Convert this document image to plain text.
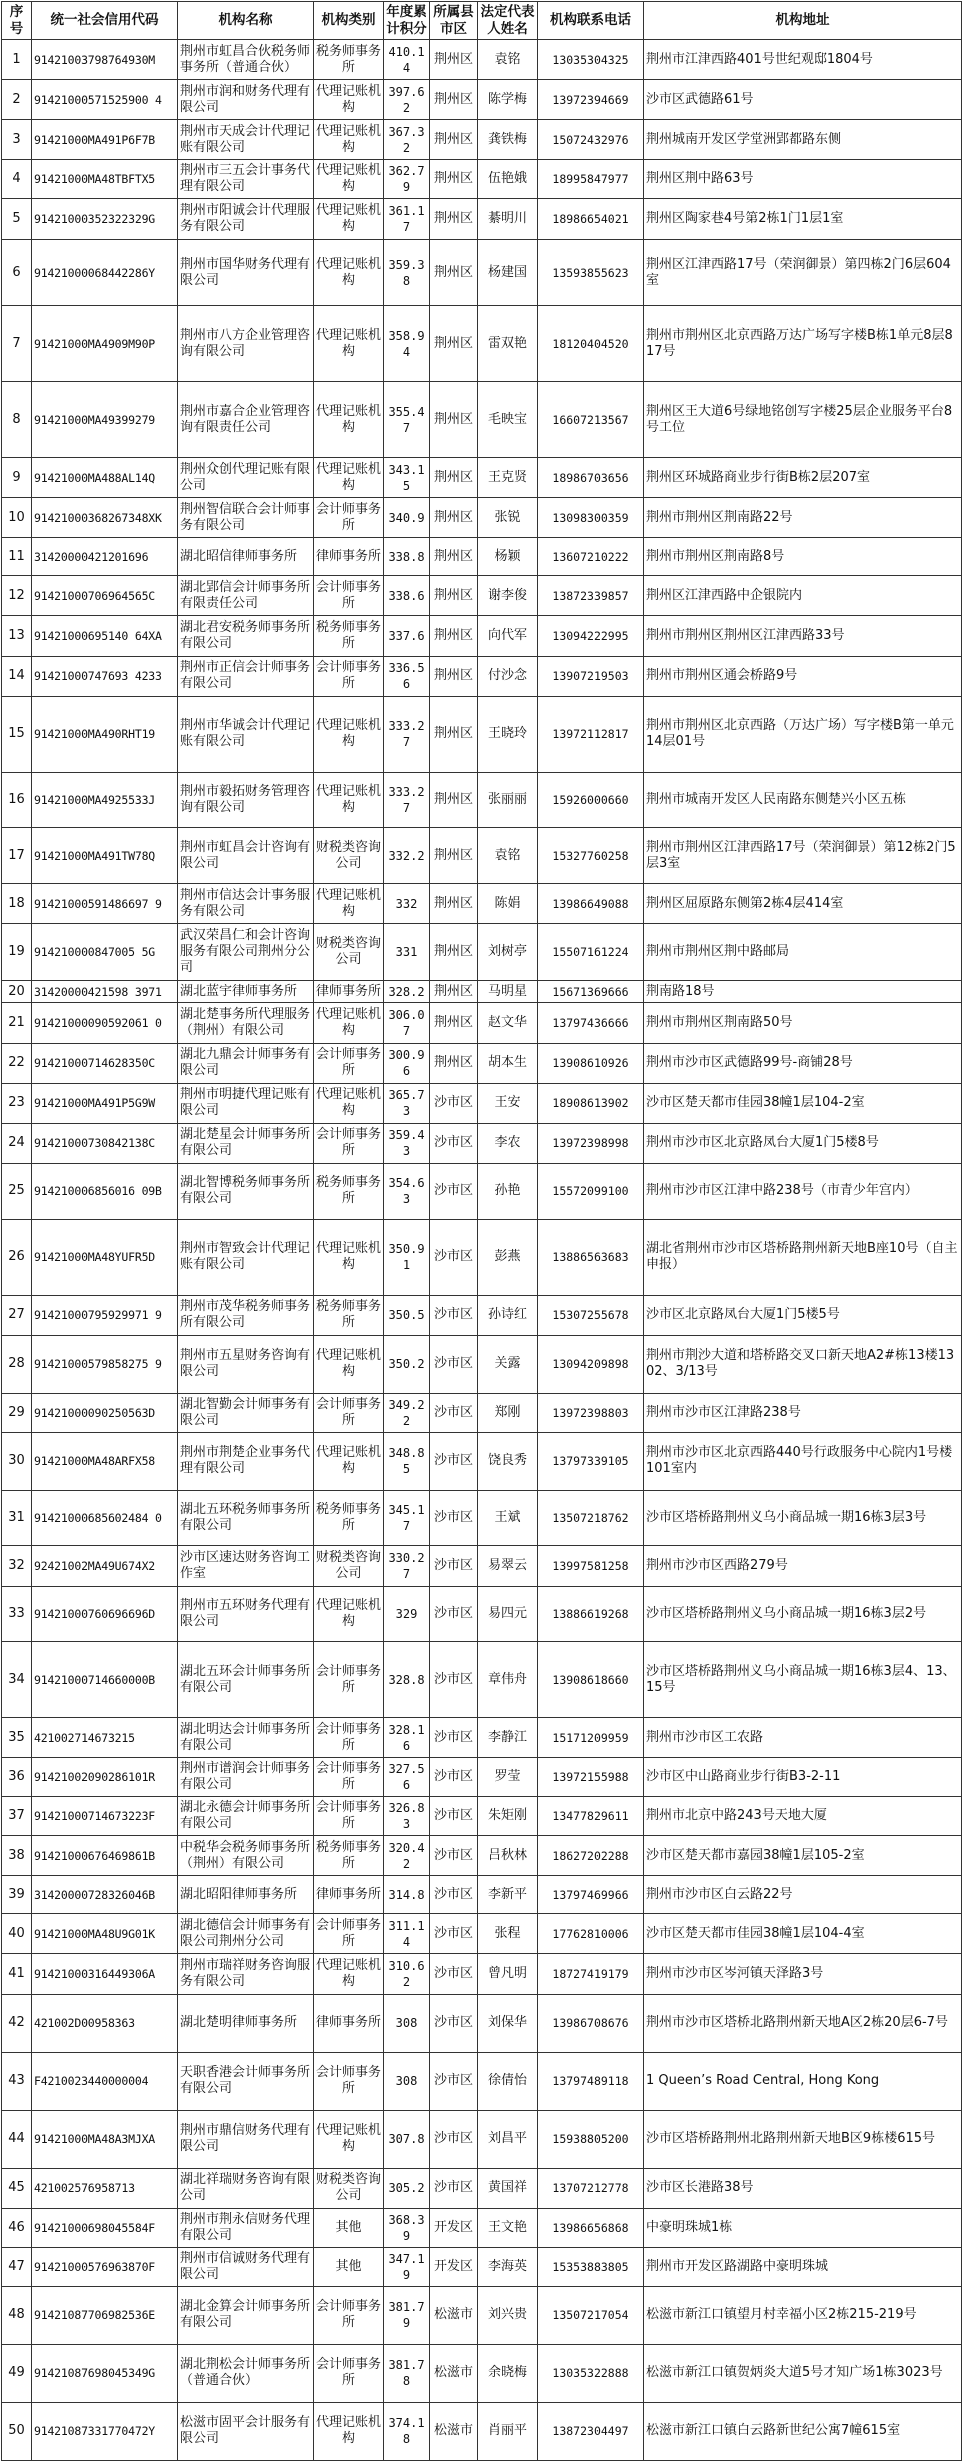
序号	统一社会信用代码	机构名称	机构类别	年度累计积分	所属县市区	法定代表人姓名	机构联系电话	机构地址
1	91421003798764930M	荆州市虹昌合伙税务师事务所（普通合伙）	税务师事务所	410.14	荆州区	袁铭	13035304325	荆州市江津西路401号世纪观邸1804号
2	91421000571525900 4	荆州市润和财务代理有限公司	代理记账机构	397.62	荆州区	陈学梅	13972394669	沙市区武德路61号
3	91421000MA491P6F7B	荆州市天成会计代理记账有限公司	代理记账机构	367.32	荆州区	龚铁梅	15072432976	荆州城南开发区学堂洲郢都路东侧
4	91421000MA48TBFTX5	荆州市三五会计事务代理有限公司	代理记账机构	362.79	荆州区	伍艳娥	18995847977	荆州区荆中路63号
5	91421000352322329G	荆州市阳诚会计代理服务有限公司	代理记账机构	361.17	荆州区	綦明川	18986654021	荆州区陶家巷4号第2栋1门1层1室
6	91421000068442286Y	荆州市国华财务代理有限公司	代理记账机构	359.38	荆州区	杨建国	13593855623	荆州区江津西路17号（荣润御景）第四栋2门6层604室
7	91421000MA4909M90P	荆州市八方企业管理咨询有限公司	代理记账机构	358.94	荆州区	雷双艳	18120404520	荆州市荆州区北京西路万达广场写字楼B栋1单元8层817号
8	91421000MA49399279	荆州市嘉合企业管理咨询有限责任公司	代理记账机构	355.47	荆州区	毛映宝	16607213567	荆州区王大道6号绿地铭创写字楼25层企业服务平台8号工位
9	91421000MA488AL14Q	荆州众创代理记账有限公司	代理记账机构	343.15	荆州区	王克贤	18986703656	荆州区环城路商业步行街B栋2层207室
10	91421000368267348XK	荆州智信联合会计师事务有限公司	会计师事务所	340.9	荆州区	张锐	13098300359	荆州市荆州区荆南路22号
11	31420000421201696	湖北昭信律师事务所	律师事务所	338.8	荆州区	杨颖	13607210222	荆州市荆州区荆南路8号
12	91421000706964565C	湖北郢信会计师事务所有限责任公司	会计师事务所	338.6	荆州区	谢李俊	13872339857	荆州区江津西路中企银院内
13	91421000695140 64XA	湖北君安税务师事务所有限公司	税务师事务所	337.6	荆州区	向代军	13094222995	荆州市荆州区荆州区江津西路33号
14	91421000747693 4233	荆州市正信会计师事务有限公司	会计师事务所	336.56	荆州区	付沙念	13907219503	荆州市荆州区通会桥路9号
15	91421000MA490RHT19	荆州市华诚会计代理记账有限公司	代理记账机构	333.27	荆州区	王晓玲	13972112817	荆州市荆州区北京西路（万达广场）写字楼B第一单元14层01号
16	91421000MA4925533J	荆州市毅拓财务管理咨询有限公司	代理记账机构	333.27	荆州区	张丽丽	15926000660	荆州市城南开发区人民南路东侧楚兴小区五栋
17	91421000MA491TW78Q	荆州市虹昌会计咨询有限公司	财税类咨询公司	332.2	荆州区	袁铭	15327760258	荆州市荆州区江津西路17号（荣润御景）第12栋2门5层3室
18	91421000591486697 9	荆州市信达会计事务服务有限公司	代理记账机构	332	荆州区	陈娟	13986649088	荆州区屈原路东侧第2栋4层414室
19	914210000847005 5G	武汉荣昌仁和会计咨询服务有限公司荆州分公司	财税类咨询公司	331	荆州区	刘树亭	15507161224	荆州市荆州区荆中路邮局
20	31420000421598 3971	湖北蓝宇律师事务所	律师事务所	328.2	荆州区	马明星	15671369666	荆南路18号
21	91421000090592061 0	湖北楚事务所代理服务（荆州）有限公司	代理记账机构	306.07	荆州区	赵文华	13797436666	荆州市荆州区荆南路50号
22	91421000714628350C	湖北九鼎会计师事务有限公司	会计师事务所	300.96	荆州区	胡本生	13908610926	荆州市沙市区武德路99号-商铺28号
23	91421000MA491P5G9W	荆州市明捷代理记账有限公司	代理记账机构	365.73	沙市区	王安	18908613902	沙市区楚天都市佳园38幢1层104-2室
24	91421000730842138C	湖北楚星会计师事务所有限公司	会计师事务所	359.43	沙市区	李农	13972398998	荆州市沙市区北京路凤台大厦1门5楼8号
25	914210006856016 09B	湖北智博税务师事务所有限公司	税务师事务所	354.63	沙市区	孙艳	15572099100	荆州市沙市区江津中路238号（市青少年宫内）
26	91421000MA48YUFR5D	荆州市智致会计代理记账有限公司	代理记账机构	350.91	沙市区	彭燕	13886563683	湖北省荆州市沙市区塔桥路荆州新天地B座10号（自主申报）
27	91421000795929971 9	荆州市茂华税务师事务所有限公司	税务师事务所	350.5	沙市区	孙诗红	15307255678	沙市区北京路凤台大厦1门5楼5号
28	91421000579858275 9	荆州市五星财务咨询有限公司	代理记账机构	350.2	沙市区	关露	13094209898	荆州市荆沙大道和塔桥路交叉口新天地A2#栋13楼1302、3/13号
29	91421000090250563D	湖北智勤会计师事务有限公司	会计师事务所	349.22	沙市区	郑刚	13972398803	荆州市沙市区江津路238号
30	91421000MA48ARFX58	荆州市荆楚企业事务代理有限公司	代理记账机构	348.85	沙市区	饶良秀	13797339105	荆州市沙市区北京西路440号行政服务中心院内1号楼101室内
31	91421000685602484 0	湖北五环税务师事务所有限公司	税务师事务所	345.17	沙市区	王斌	13507218762	沙市区塔桥路荆州义乌小商品城一期16栋3层3号
32	92421002MA49U674X2	沙市区速达财务咨询工作室	财税类咨询公司	330.27	沙市区	易翠云	13997581258	荆州市沙市区西路279号
33	91421000760696696D	荆州市五环财务代理有限公司	代理记账机构	329	沙市区	易四元	13886619268	沙市区塔桥路荆州义乌小商品城一期16栋3层2号
34	91421000714660000B	湖北五环会计师事务所有限公司	会计师事务所	328.8	沙市区	章伟舟	13908618660	沙市区塔桥路荆州义乌小商品城一期16栋3层4、13、15号
35	421002714673215	湖北明达会计师事务所有限公司	会计师事务所	328.16	沙市区	李静江	15171209959	荆州市沙市区工农路
36	91421002090286101R	荆州市谱润会计师事务有限公司	会计师事务所	327.56	沙市区	罗莹	13972155988	沙市区中山路商业步行街B3-2-11
37	91421000714673223F	湖北永德会计师事务所有限公司	会计师事务所	326.83	沙市区	朱矩刚	13477829611	荆州市北京中路243号天地大厦
38	91421000676469861B	中税华会税务师事务所（荆州）有限公司	税务师事务所	320.42	沙市区	吕秋林	18627202288	沙市区楚天都市嘉园38幢1层105-2室
39	31420000728326046B	湖北昭阳律师事务所	律师事务所	314.8	沙市区	李新平	13797469966	荆州市沙市区白云路22号
40	91421000MA48U9G01K	湖北德信会计师事务有限公司荆州分公司	会计师事务所	311.14	沙市区	张程	17762810006	沙市区楚天都市佳园38幢1层104-4室
41	91421000316449306A	荆州市瑞祥财务咨询服务有限公司	代理记账机构	310.62	沙市区	曾凡明	18727419179	荆州市沙市区岑河镇天泽路3号
42	421002D00958363	湖北楚明律师事务所	律师事务所	308	沙市区	刘保华	13986708676	荆州市沙市区塔桥北路荆州新天地A区2栋20层6-7号
43	F4210023440000004	天职香港会计师事务所有限公司	会计师事务所	308	沙市区	徐倩怡	13797489118	1 Queen’s Road Central, Hong Kong
44	91421000MA48A3MJXA	荆州市鼎信财务代理有限公司	代理记账机构	307.8	沙市区	刘昌平	15938805200	沙市区塔桥路荆州北路荆州新天地B区9栋楼615号
45	421002576958713	湖北祥瑞财务咨询有限公司	财税类咨询公司	305.2	沙市区	黄国祥	13707212778	沙市区长港路38号
46	91421000698045584F	荆州市荆永信财务代理有限公司	其他	368.39	开发区	王文艳	13986656868	中豪明珠城1栋
47	91421000576963870F	荆州市信诚财务代理有限公司	其他	347.19	开发区	李海英	15353883805	荆州市开发区路湖路中豪明珠城
48	91421087706982536E	湖北金算会计师事务所有限公司	会计师事务所	381.79	松滋市	刘兴贵	13507217054	松滋市新江口镇望月村幸福小区2栋215-219号
49	91421087698045349G	湖北荆松会计师事务所（普通合伙）	会计师事务所	381.78	松滋市	余晓梅	13035322888	松滋市新江口镇贺炳炎大道5号才知广场1栋3023号
50	91421087331770472Y	松滋市固平会计服务有限公司	代理记账机构	374.18	松滋市	肖丽平	13872304497	松滋市新江口镇白云路新世纪公寓7幢615室
